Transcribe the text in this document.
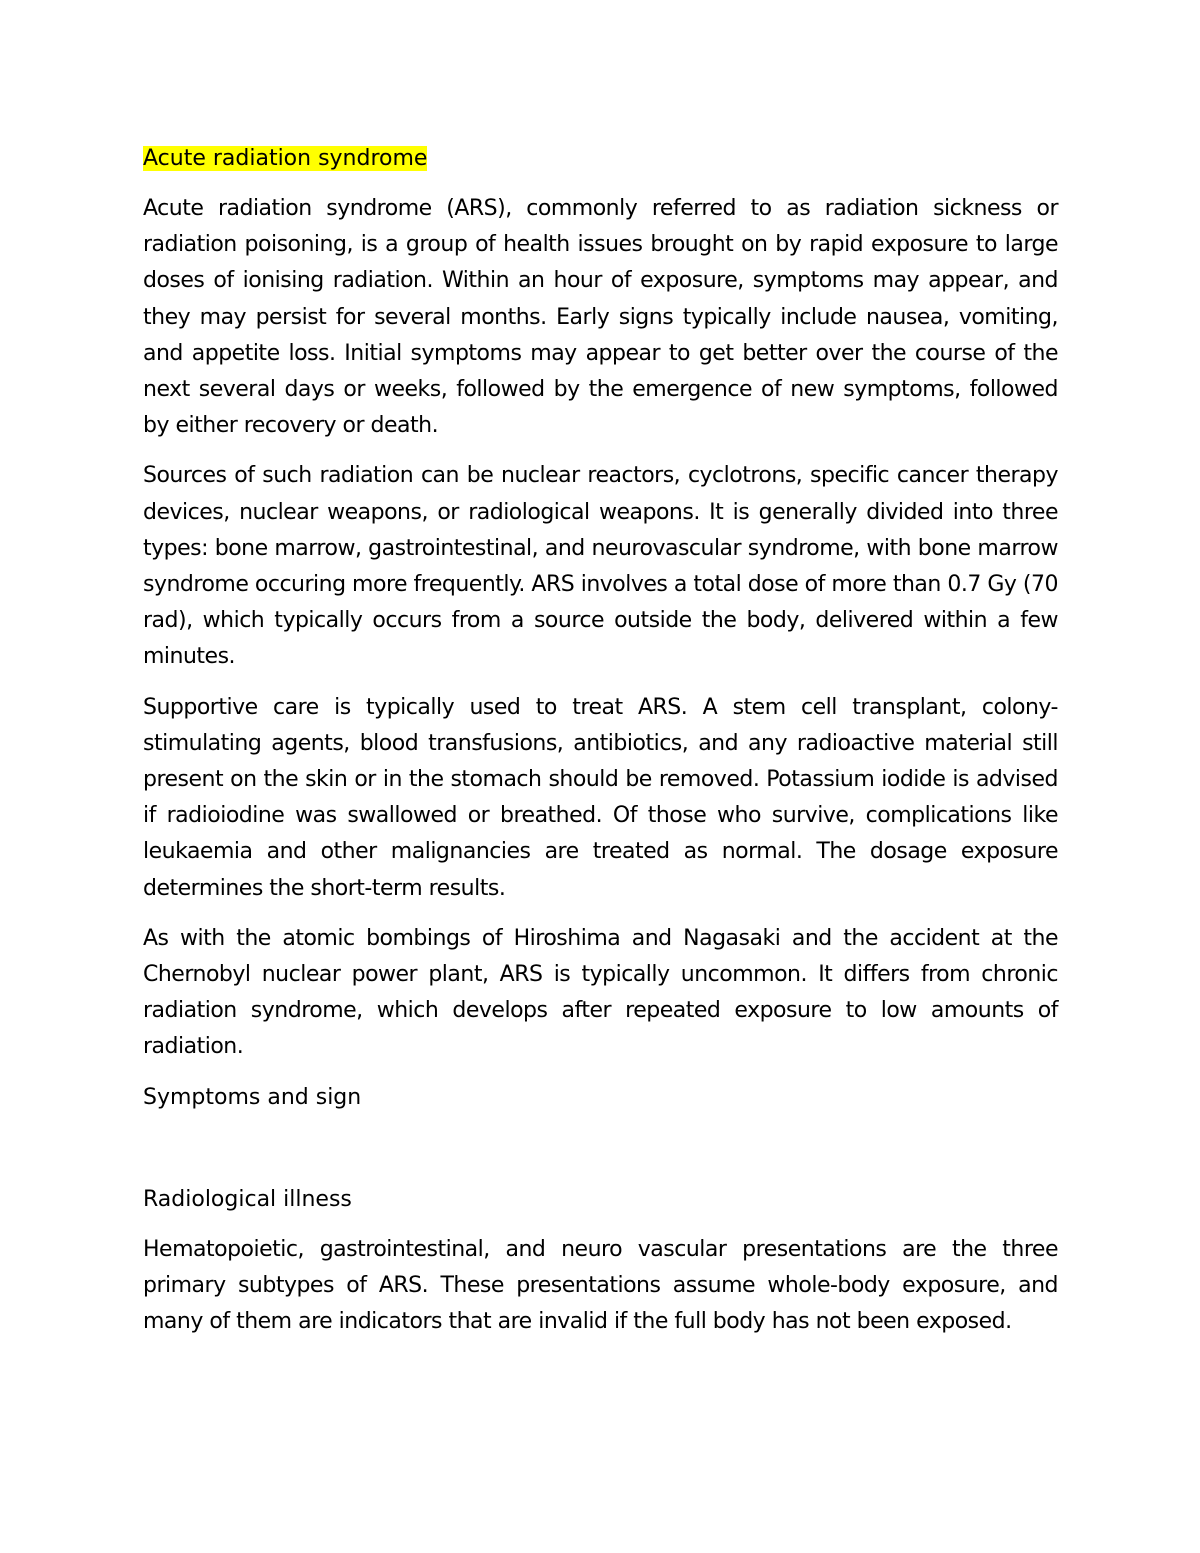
Acute radiation syndrome

Acute radiation syndrome (ARS), commonly referred to as radiation sickness or radiation poisoning, is a group of health issues brought on by rapid exposure to large doses of ionising radiation. Within an hour of exposure, symptoms may appear, and they may persist for several months. Early signs typically include nausea, vomiting, and appetite loss. Initial symptoms may appear to get better over the course of the next several days or weeks, followed by the emergence of new symptoms, followed by either recovery or death.

Sources of such radiation can be nuclear reactors, cyclotrons, specific cancer therapy devices, nuclear weapons, or radiological weapons. It is generally divided into three types: bone marrow, gastrointestinal, and neurovascular syndrome, with bone marrow syndrome occuring more frequently. ARS involves a total dose of more than 0.7 Gy (70 rad), which typically occurs from a source outside the body, delivered within a few minutes.

Supportive care is typically used to treat ARS. A stem cell transplant, colony-stimulating agents, blood transfusions, antibiotics, and any radioactive material still present on the skin or in the stomach should be removed. Potassium iodide is advised if radioiodine was swallowed or breathed. Of those who survive, complications like leukaemia and other malignancies are treated as normal. The dosage exposure determines the short-term results.

As with the atomic bombings of Hiroshima and Nagasaki and the accident at the Chernobyl nuclear power plant, ARS is typically uncommon. It differs from chronic radiation syndrome, which develops after repeated exposure to low amounts of radiation.

Symptoms and sign
Radiological illness

Hematopoietic, gastrointestinal, and neuro vascular presentations are the three primary subtypes of ARS. These presentations assume whole-body exposure, and many of them are indicators that are invalid if the full body has not been exposed.
